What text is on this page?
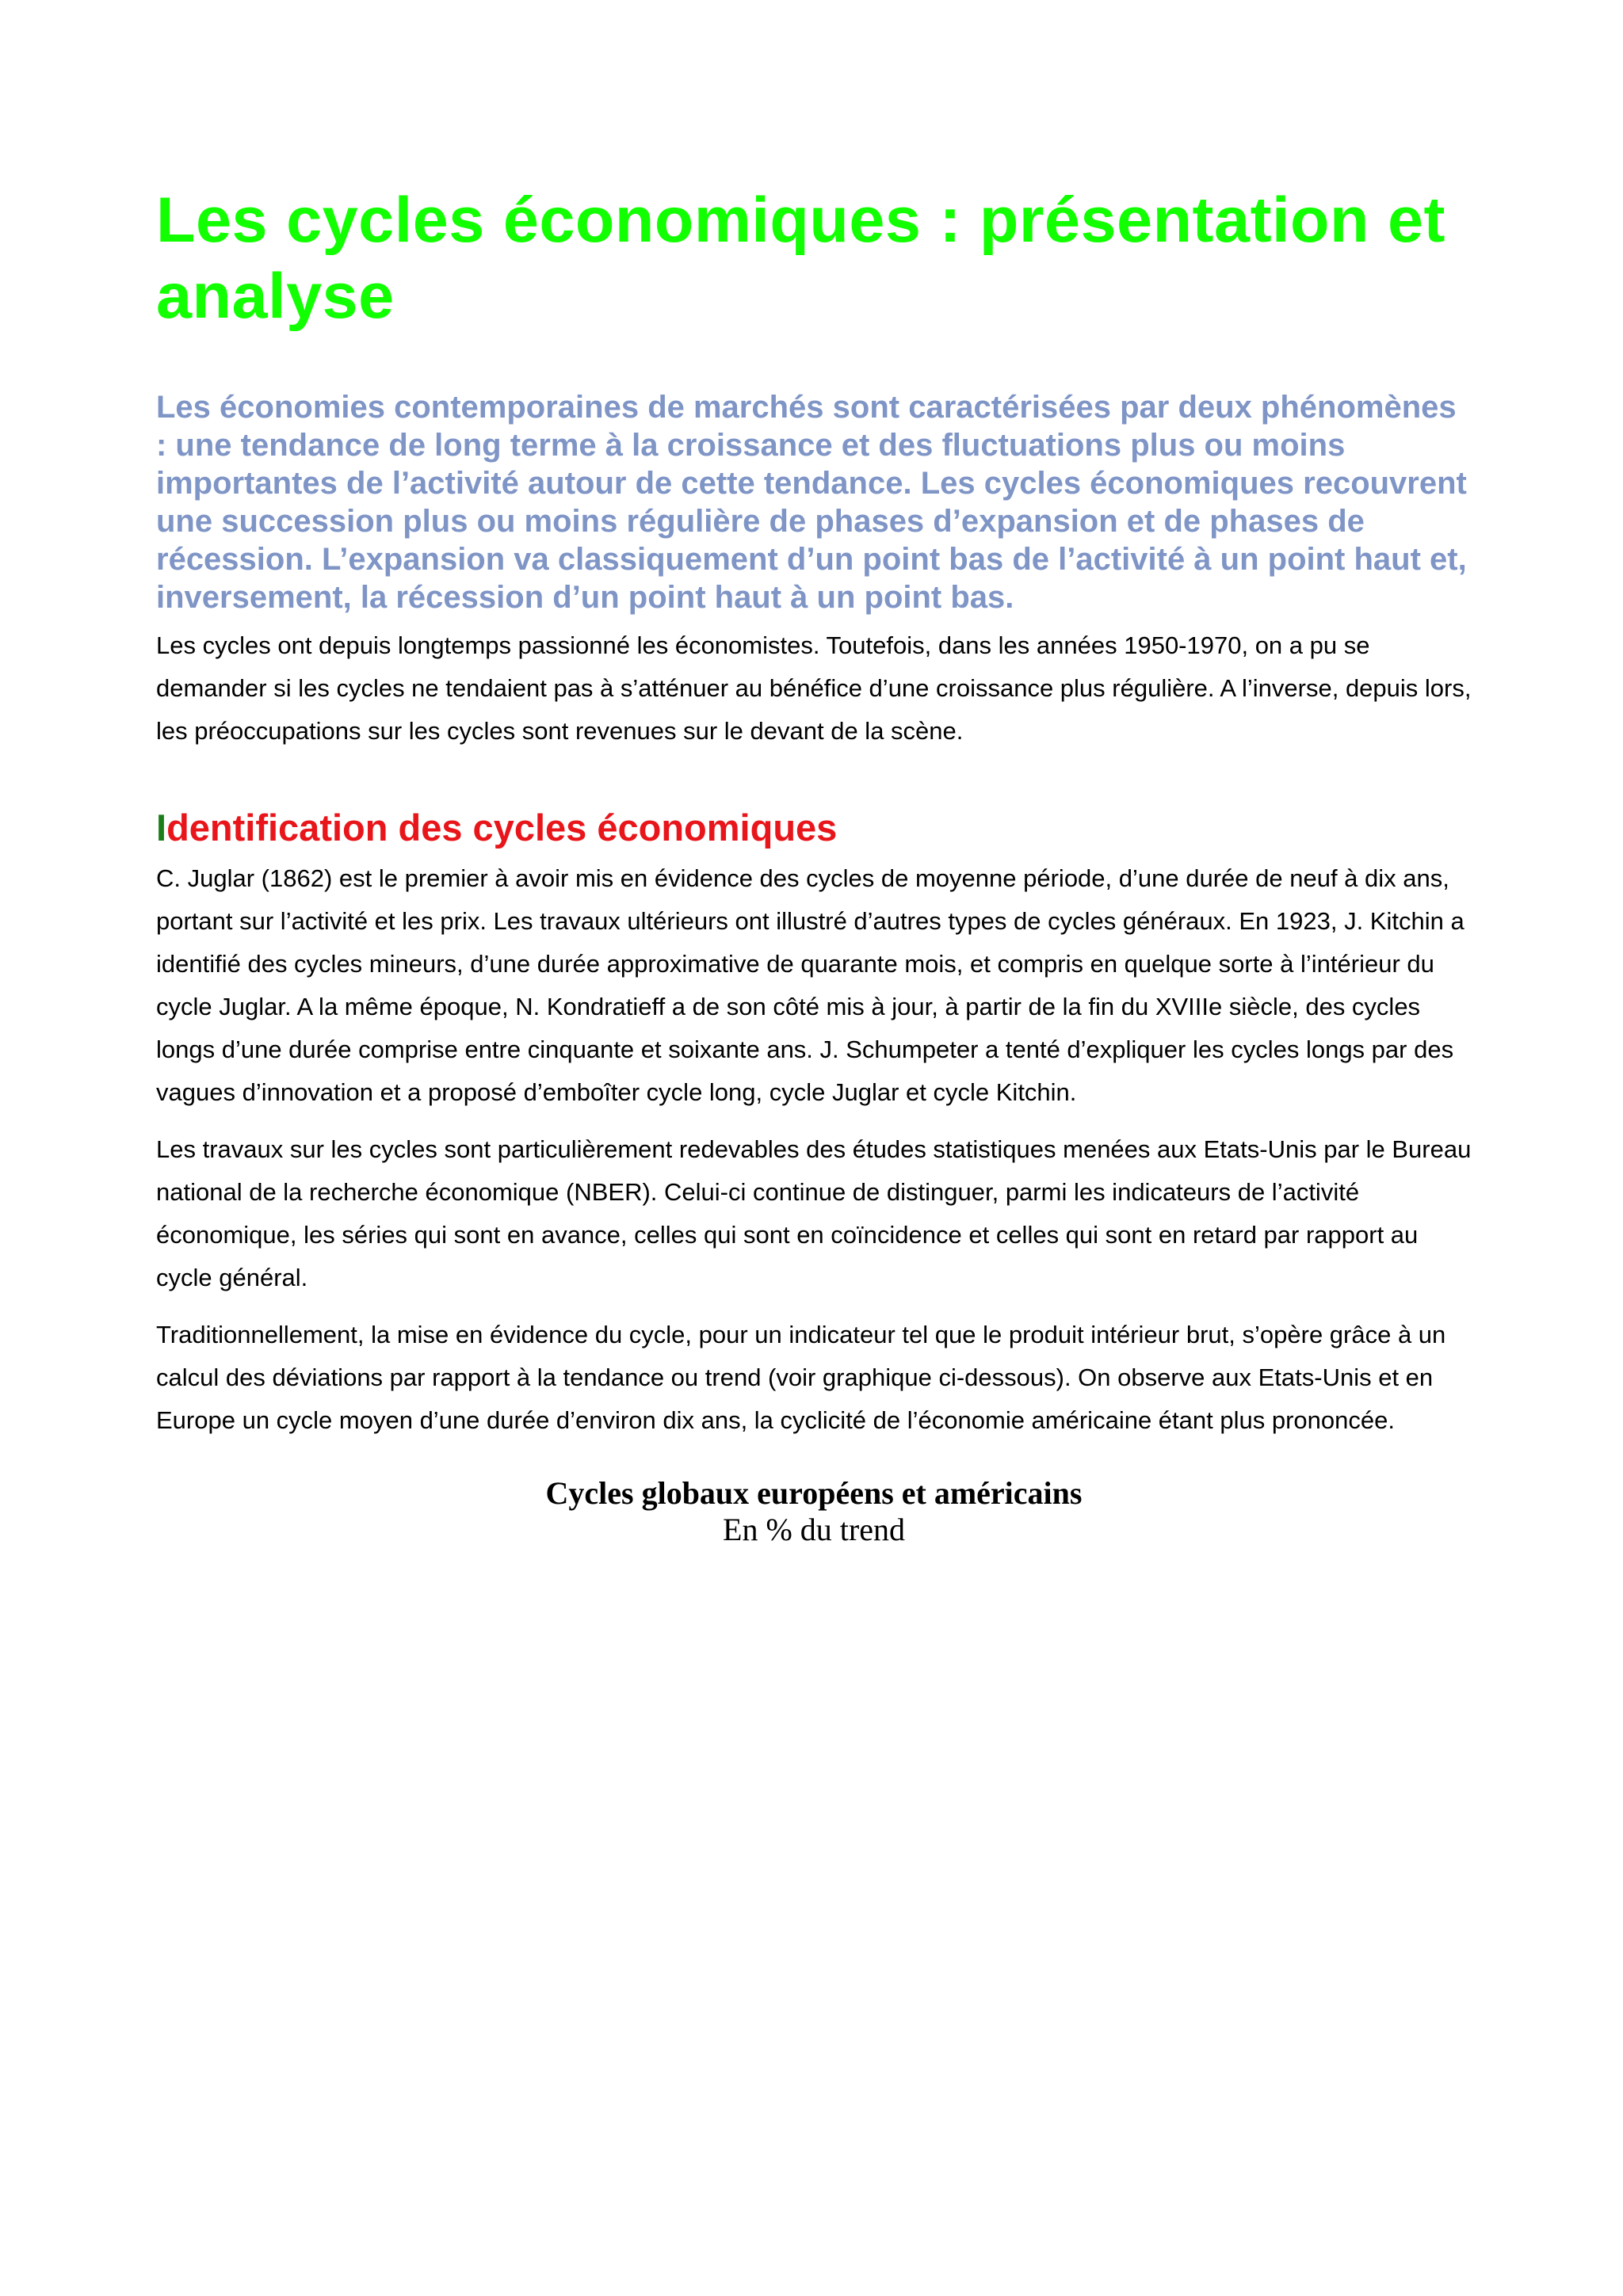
Les cycles économiques : présentation et analyse

Les économies contemporaines de marchés sont caractérisées par deux phénomènes : une tendance de long terme à la croissance et des fluctuations plus ou moins importantes de l’activité autour de cette tendance. Les cycles économiques recouvrent une succession plus ou moins régulière de phases d’expansion et de phases de récession. L’expansion va classiquement d’un point bas de l’activité à un point haut et, inversement, la récession d’un point haut à un point bas.

Les cycles ont depuis longtemps passionné les économistes. Toutefois, dans les années 1950-1970, on a pu se demander si les cycles ne tendaient pas à s’atténuer au bénéfice d’une croissance plus régulière. A l’inverse, depuis lors, les préoccupations sur les cycles sont revenues sur le devant de la scène.

Identification des cycles économiques

C. Juglar (1862) est le premier à avoir mis en évidence des cycles de moyenne période, d’une durée de neuf à dix ans, portant sur l’activité et les prix. Les travaux ultérieurs ont illustré d’autres types de cycles généraux. En 1923, J. Kitchin a identifié des cycles mineurs, d’une durée approximative de quarante mois, et compris en quelque sorte à l’intérieur du cycle Juglar. A la même époque, N. Kondratieff a de son côté mis à jour, à partir de la fin du XVIIIe siècle, des cycles longs d’une durée comprise entre cinquante et soixante ans. J. Schumpeter a tenté d’expliquer les cycles longs par des vagues d’innovation et a proposé d’emboîter cycle long, cycle Juglar et cycle Kitchin.

Les travaux sur les cycles sont particulièrement redevables des études statistiques menées aux Etats-Unis par le Bureau national de la recherche économique (NBER). Celui-ci continue de distinguer, parmi les indicateurs de l’activité économique, les séries qui sont en avance, celles qui sont en coïncidence et celles qui sont en retard par rapport au cycle général.

Traditionnellement, la mise en évidence du cycle, pour un indicateur tel que le produit intérieur brut, s’opère grâce à un calcul des déviations par rapport à la tendance ou trend (voir graphique ci-dessous). On observe aux Etats-Unis et en Europe un cycle moyen d’une durée d’environ dix ans, la cyclicité de l’économie américaine étant plus prononcée.

Cycles globaux européens et américains
En % du trend
